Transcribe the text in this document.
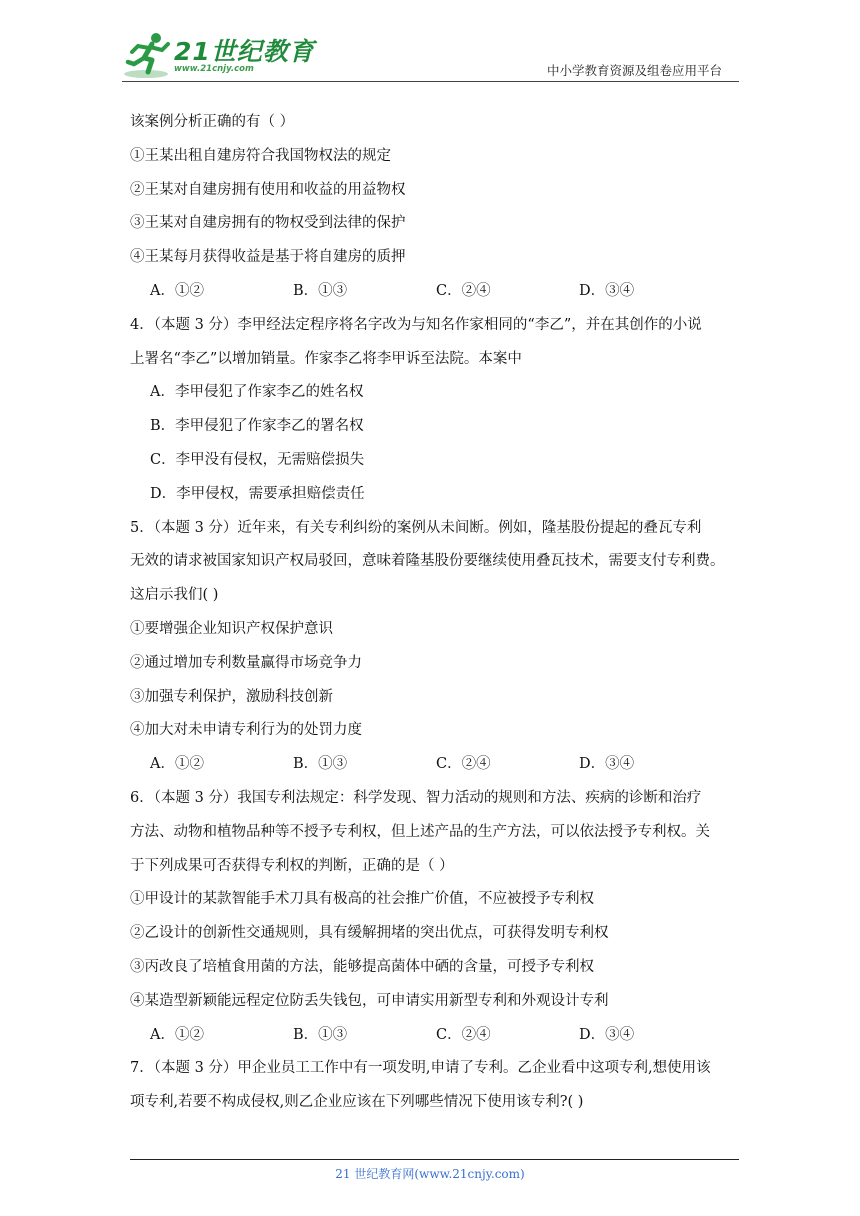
21世纪教育
www.21cnjy.com	中小学教育资源及组卷应用平台
该案例分析正确的有（ ）
①王某出租自建房符合我国物权法的规定
②王某对自建房拥有使用和收益的用益物权
③王某对自建房拥有的物权受到法律的保护
④王某每月获得收益是基于将自建房的质押
A．①②	B．①③	C．②④	D．③④
4．（本题 3 分）李甲经法定程序将名字改为与知名作家相同的“李乙”，并在其创作的小说
上署名“李乙”以增加销量。作家李乙将李甲诉至法院。本案中
A．李甲侵犯了作家李乙的姓名权
B．李甲侵犯了作家李乙的署名权
C．李甲没有侵权，无需赔偿损失
D．李甲侵权，需要承担赔偿责任
5．（本题 3 分）近年来，有关专利纠纷的案例从未间断。例如，隆基股份提起的叠瓦专利
无效的请求被国家知识产权局驳回，意味着隆基股份要继续使用叠瓦技术，需要支付专利费。
这启示我们( )
①要增强企业知识产权保护意识
②通过增加专利数量赢得市场竞争力
③加强专利保护，激励科技创新
④加大对未申请专利行为的处罚力度
A．①②	B．①③	C．②④	D．③④
6．（本题 3 分）我国专利法规定：科学发现、智力活动的规则和方法、疾病的诊断和治疗
方法、动物和植物品种等不授予专利权，但上述产品的生产方法，可以依法授予专利权。关
于下列成果可否获得专利权的判断，正确的是（ ）
①甲设计的某款智能手术刀具有极高的社会推广价值，不应被授予专利权
②乙设计的创新性交通规则，具有缓解拥堵的突出优点，可获得发明专利权
③丙改良了培植食用菌的方法，能够提高菌体中硒的含量，可授予专利权
④某造型新颖能远程定位防丢失钱包，可申请实用新型专利和外观设计专利
A．①②	B．①③	C．②④	D．③④
7．（本题 3 分）甲企业员工工作中有一项发明,申请了专利。乙企业看中这项专利,想使用该
项专利,若要不构成侵权,则乙企业应该在下列哪些情况下使用该专利?( )
21 世纪教育网(www.21cnjy.com)
